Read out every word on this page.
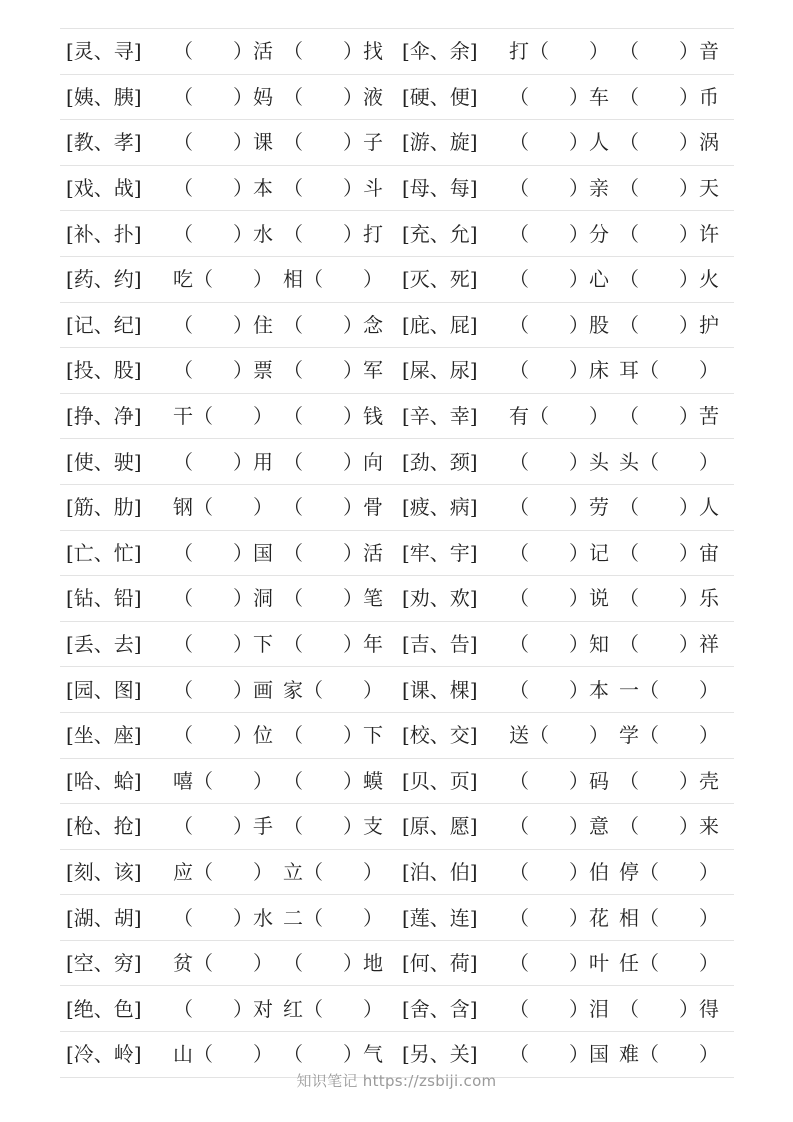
[灵、寻] （　　）活 （　　）找 [伞、余] 打（　　） （　　）音
[姨、胰] （　　）妈 （　　）液 [硬、便] （　　）车 （　　）币
[教、孝] （　　）课 （　　）子 [游、旋] （　　）人 （　　）涡
[戏、战] （　　）本 （　　）斗 [母、每] （　　）亲 （　　）天
[补、扑] （　　）水 （　　）打 [充、允] （　　）分 （　　）许
[药、约] 吃（　　） 相（　　） [灭、死] （　　）心 （　　）火
[记、纪] （　　）住 （　　）念 [庇、屁] （　　）股 （　　）护
[投、股] （　　）票 （　　）军 [屎、尿] （　　）床 耳（　　）
[挣、净] 干（　　） （　　）钱 [辛、幸] 有（　　） （　　）苦
[使、驶] （　　）用 （　　）向 [劲、颈] （　　）头 头（　　）
[筋、肋] 钢（　　） （　　）骨 [疲、病] （　　）劳 （　　）人
[亡、忙] （　　）国 （　　）活 [牢、宇] （　　）记 （　　）宙
[钻、铅] （　　）洞 （　　）笔 [劝、欢] （　　）说 （　　）乐
[丢、去] （　　）下 （　　）年 [吉、告] （　　）知 （　　）祥
[园、图] （　　）画 家（　　） [课、棵] （　　）本 一（　　）
[坐、座] （　　）位 （　　）下 [校、交] 送（　　） 学（　　）
[哈、蛤] 嘻（　　） （　　）蟆 [贝、页] （　　）码 （　　）壳
[枪、抢] （　　）手 （　　）支 [原、愿] （　　）意 （　　）来
[刻、该] 应（　　） 立（　　） [泊、伯] （　　）伯 停（　　）
[湖、胡] （　　）水 二（　　） [莲、连] （　　）花 相（　　）
[空、穷] 贫（　　） （　　）地 [何、荷] （　　）叶 任（　　）
[绝、色] （　　）对 红（　　） [舍、含] （　　）泪 （　　）得
[冷、岭] 山（　　） （　　）气 [另、关] （　　）国 难（　　）
知识笔记 https://zsbiji.com
